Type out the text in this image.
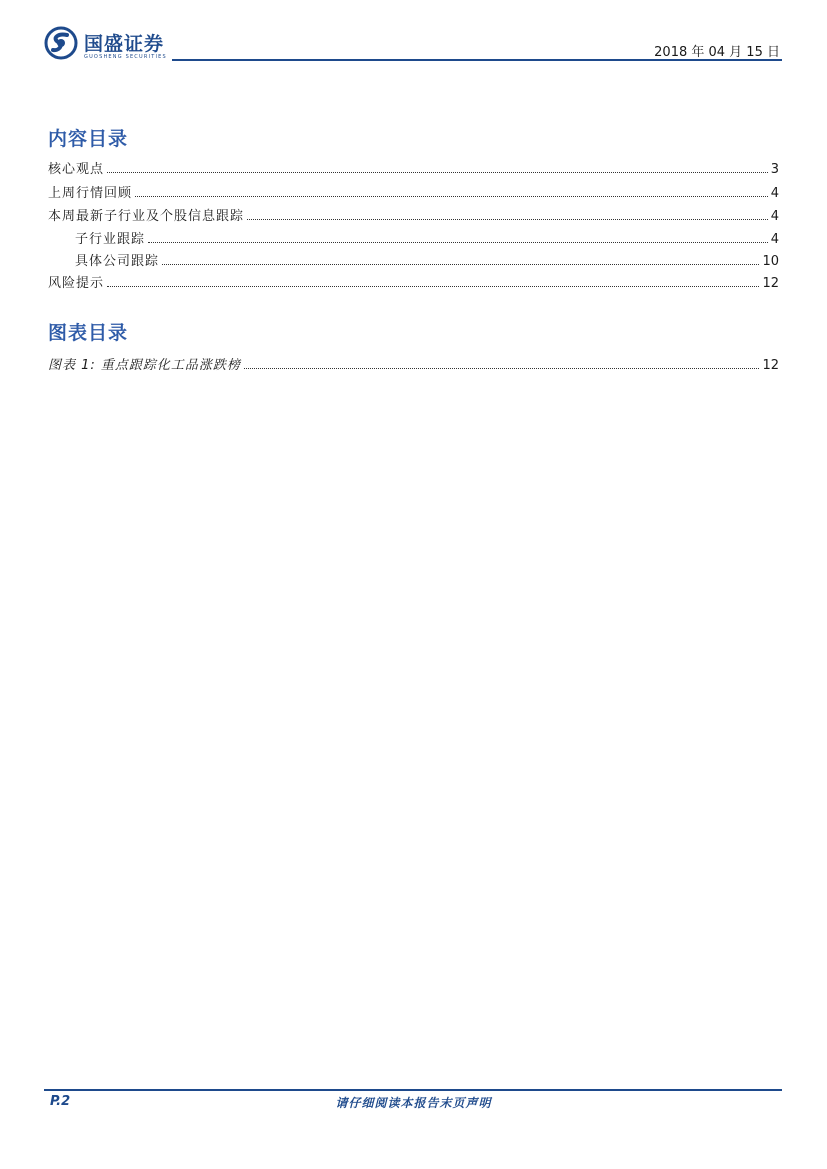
国盛证券
GUOSHENG SECURITIES	2018 年 04 月 15 日
内容目录
核心观点	3
上周行情回顾	4
本周最新子行业及个股信息跟踪	4
子行业跟踪	4
具体公司跟踪	10
风险提示	12
图表目录
图表 1: 重点跟踪化工品涨跌榜	12
P.2	请仔细阅读本报告末页声明
